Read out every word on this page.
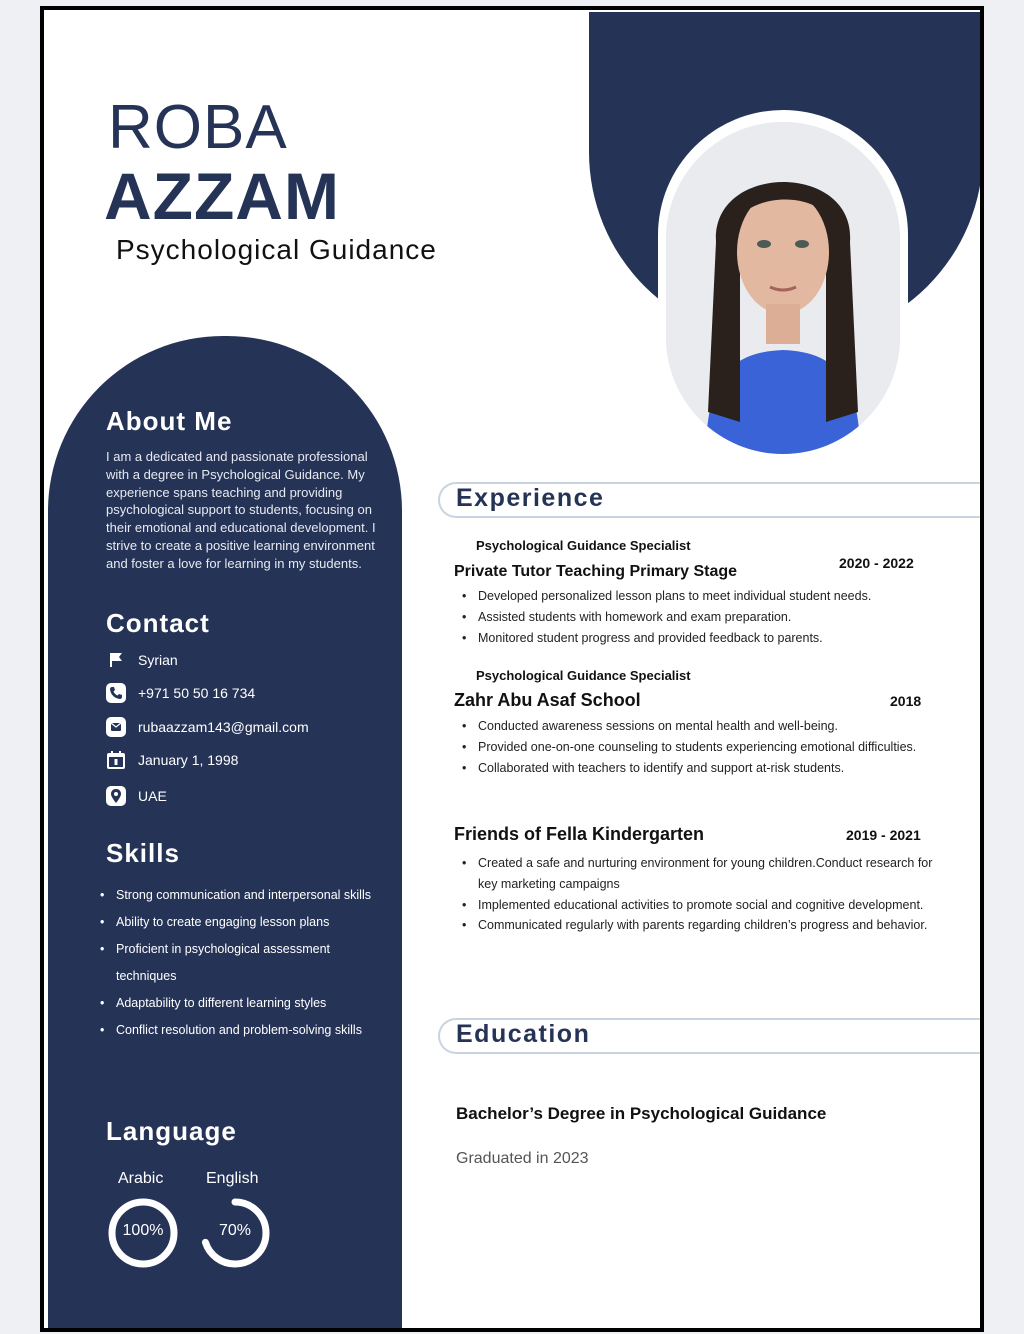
ROBA
AZZAM
Psychological Guidance
About Me
I am a dedicated and passionate professional with a degree in Psychological Guidance. My experience spans teaching and providing psychological support to students, focusing on their emotional and educational development. I strive to create a positive learning environment and foster a love for learning in my students.
Contact
Syrian
+971 50 50 16 734
rubaazzam143@gmail.com
January 1, 1998
UAE
Skills
• Strong communication and interpersonal skills
• Ability to create engaging lesson plans
• Proficient in psychological assessment techniques
• Adaptability to different learning styles
• Conflict resolution and problem-solving skills
Language
Arabic	English
100%	70%
Experience
Psychological Guidance Specialist
Private Tutor Teaching Primary Stage	2020 - 2022
• Developed personalized lesson plans to meet individual student needs.
• Assisted students with homework and exam preparation.
• Monitored student progress and provided feedback to parents.
Psychological Guidance Specialist
Zahr Abu Asaf School	2018
• Conducted awareness sessions on mental health and well-being.
• Provided one-on-one counseling to students experiencing emotional difficulties.
• Collaborated with teachers to identify and support at-risk students.
Friends of Fella Kindergarten	2019 - 2021
• Created a safe and nurturing environment for young children.Conduct research for key marketing campaigns
• Implemented educational activities to promote social and cognitive development.
• Communicated regularly with parents regarding children’s progress and behavior.
Education
Bachelor’s Degree in Psychological Guidance
Graduated in 2023
